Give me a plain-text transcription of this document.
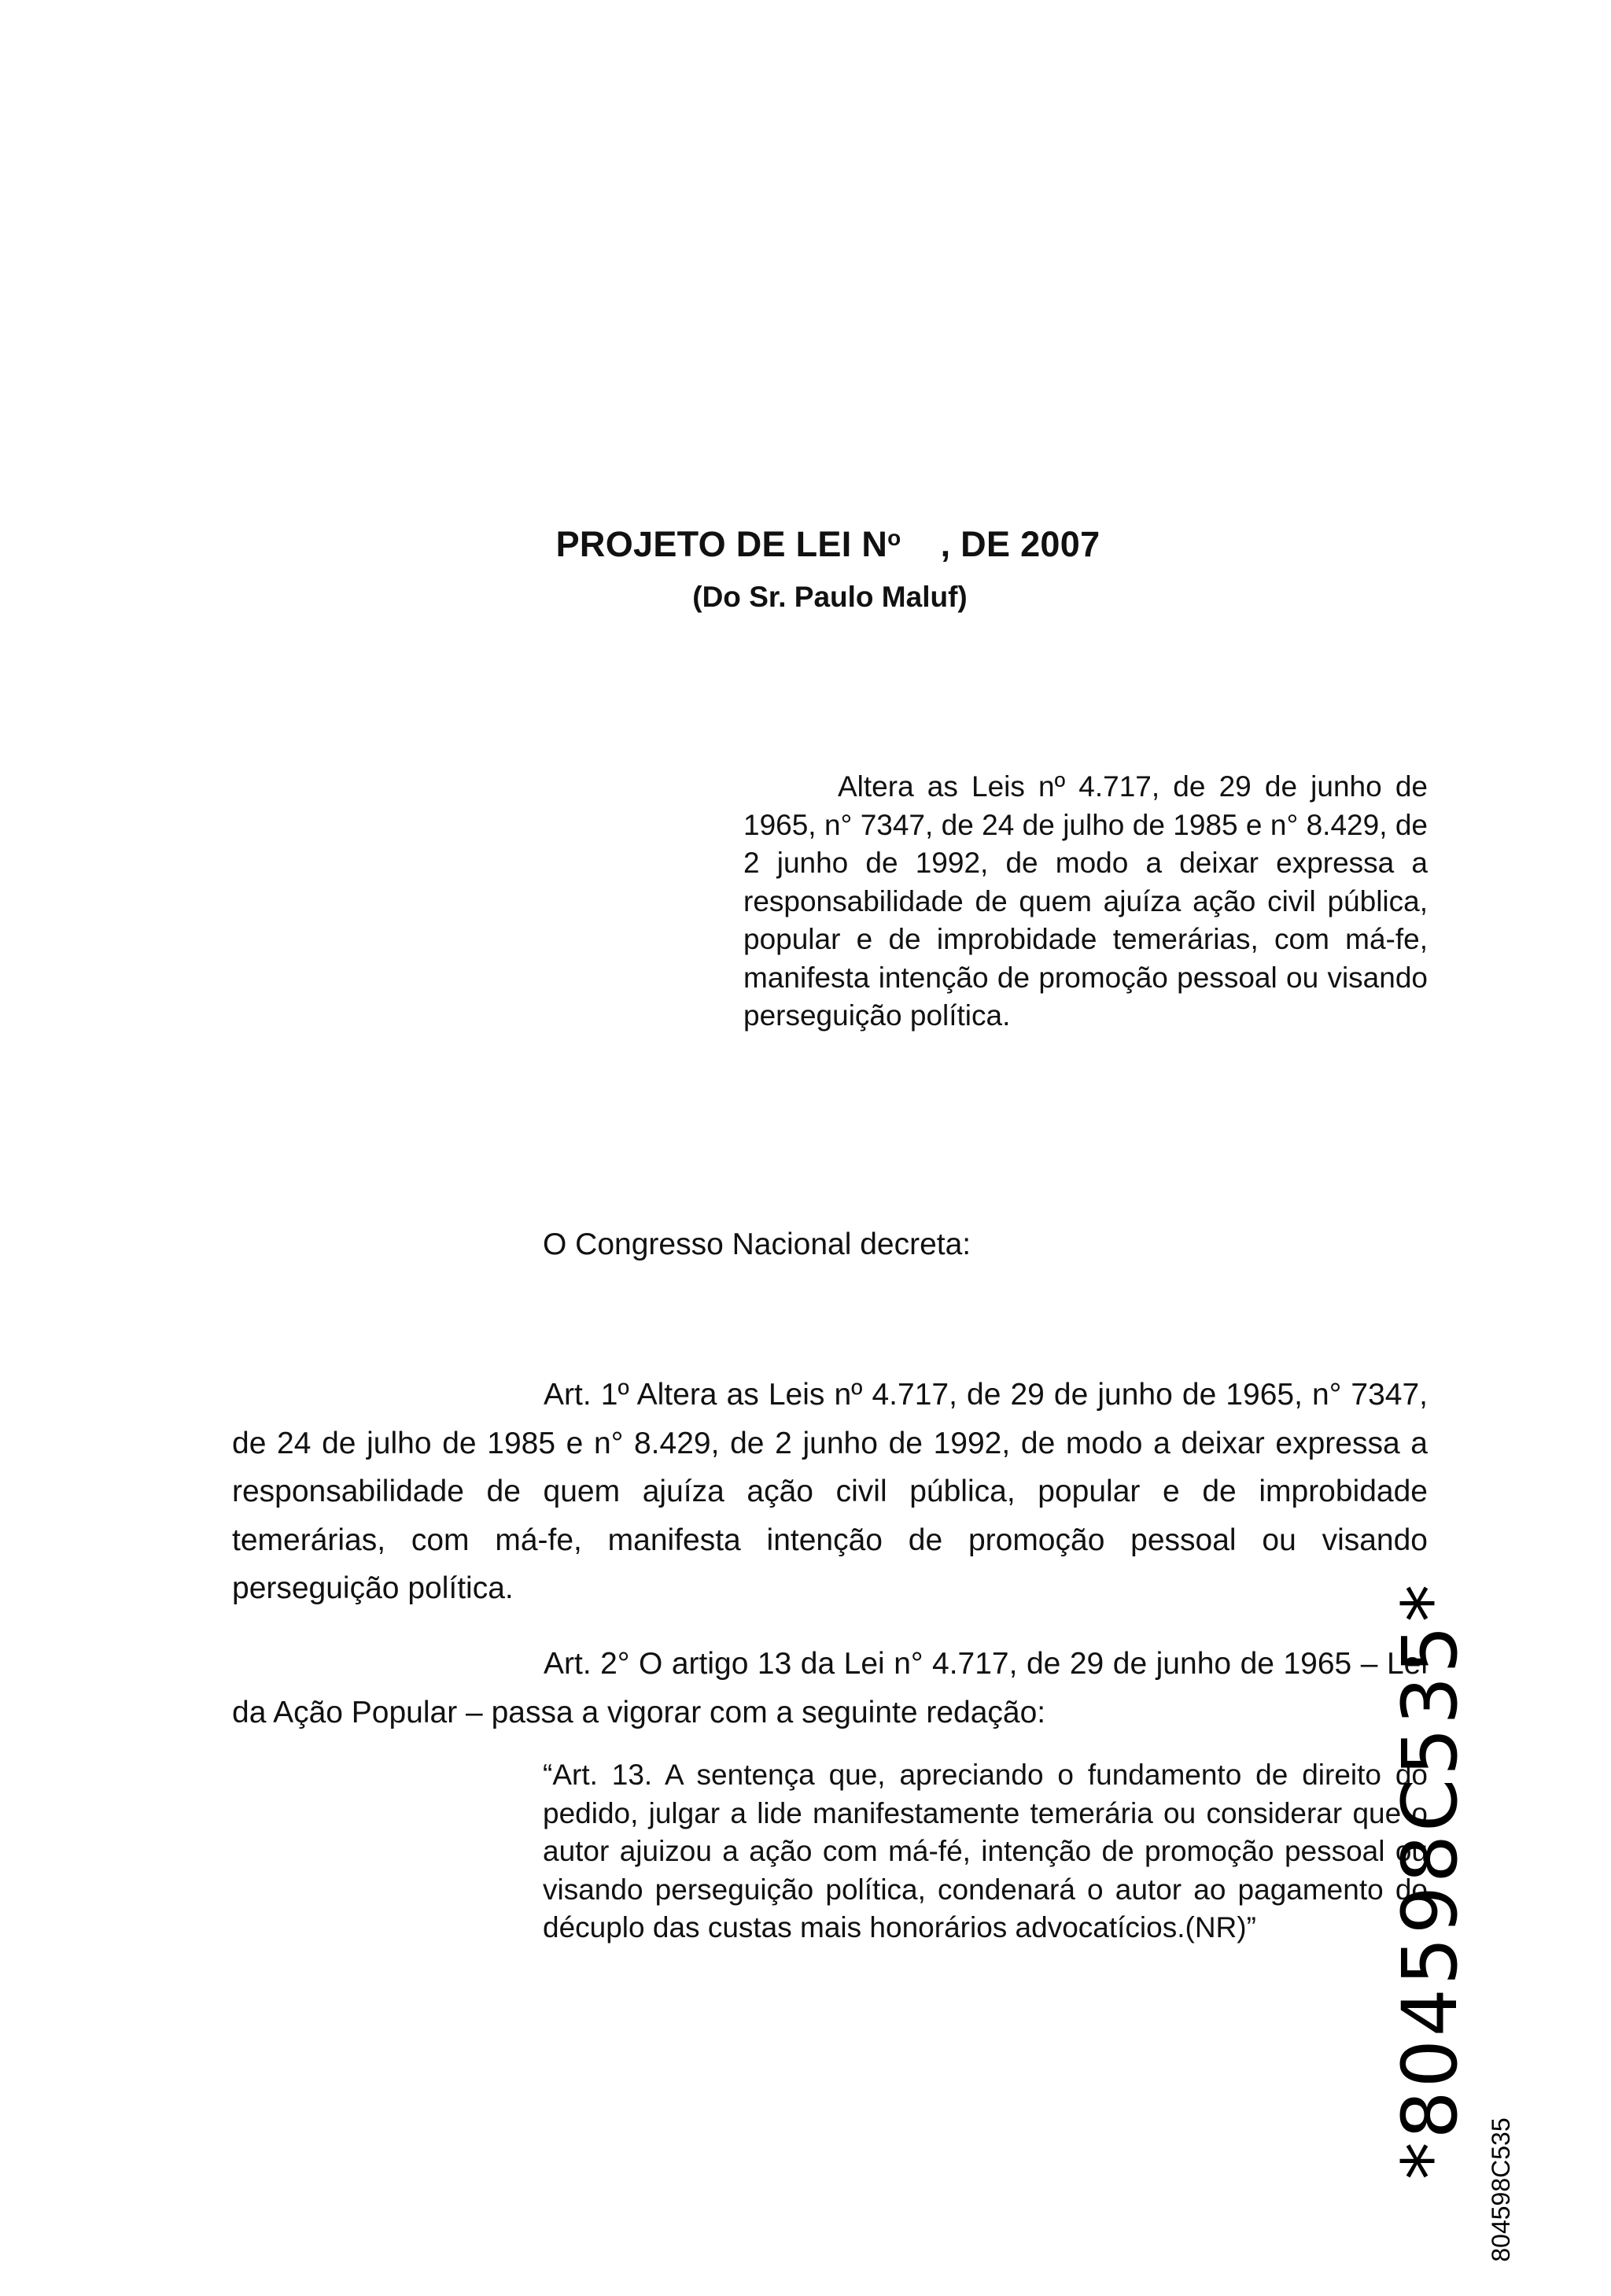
PROJETO DE LEI $N^o$ , DE 2007
(Do Sr. Paulo Maluf)

Altera as Leis nº 4.717, de 29 de junho de 1965, n° 7347, de 24 de julho de 1985 e n° 8.429, de 2 junho de 1992, de modo a deixar expressa a responsabilidade de quem ajuíza ação civil pública, popular e de improbidade temerárias, com má-fe, manifesta intenção de promoção pessoal ou visando perseguição política.

O Congresso Nacional decreta:

Art. 1º Altera as Leis nº 4.717, de 29 de junho de 1965, n° 7347, de 24 de julho de 1985 e n° 8.429, de 2 junho de 1992, de modo a deixar expressa a responsabilidade de quem ajuíza ação civil pública, popular e de improbidade temerárias, com má-fe, manifesta intenção de promoção pessoal ou visando perseguição política.

Art. 2° O artigo 13 da Lei n° 4.717, de 29 de junho de 1965 – Lei da Ação Popular – passa a vigorar com a seguinte redação:

“Art. 13. A sentença que, apreciando o fundamento de direito do pedido, julgar a lide manifestamente temerária ou considerar que o autor ajuizou a ação com má-fé, intenção de promoção pessoal ou visando perseguição política, condenará o autor ao pagamento do décuplo das custas mais honorários advocatícios.(NR)”	*804598C535*
804598C535
